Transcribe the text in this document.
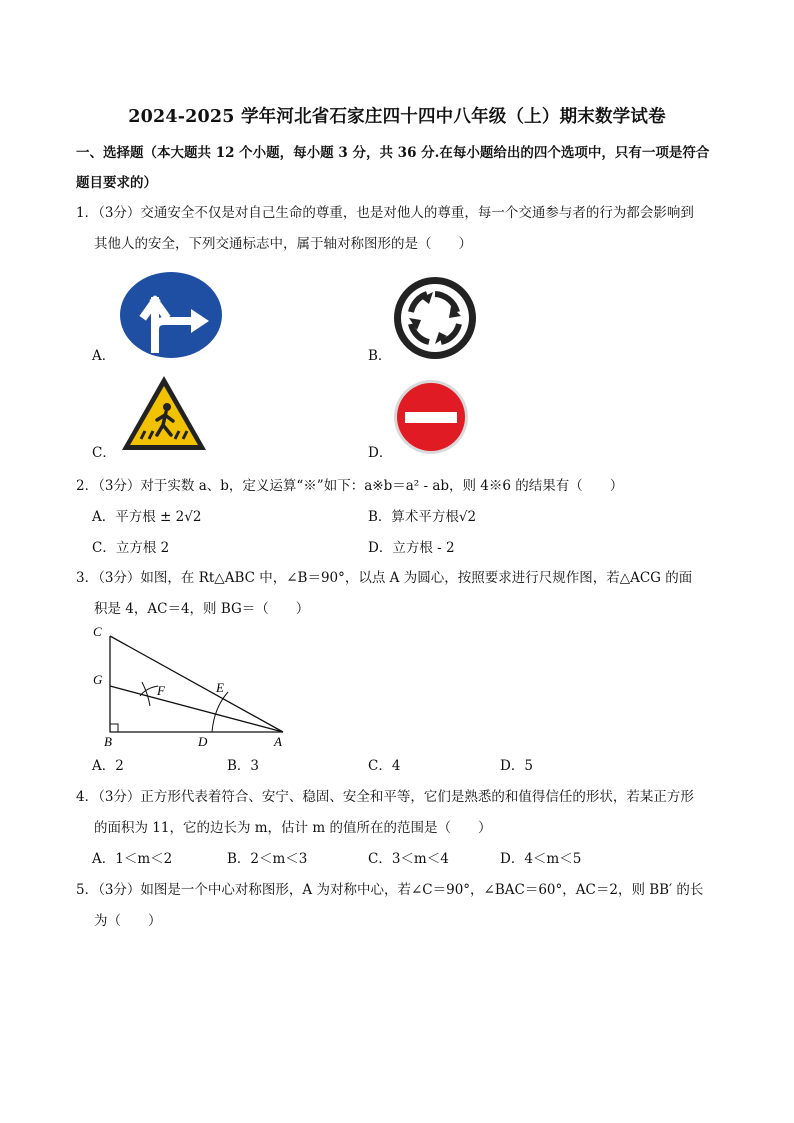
2024-2025 学年河北省石家庄四十四中八年级（上）期末数学试卷
一、选择题（本大题共 12 个小题，每小题 3 分，共 36 分.在每小题给出的四个选项中，只有一项是符合
题目要求的）
1．（3分）交通安全不仅是对自己生命的尊重，也是对他人的尊重，每一个交通参与者的行为都会影响到
其他人的安全，下列交通标志中，属于轴对称图形的是（　　）
A．	B．
C．	D．
2．（3分）对于实数 a、b，定义运算“※”如下：a※b＝a² - ab，则 4※6 的结果有（　　）
A．平方根 ± 2√2	B．算术平方根√2
C．立方根 2	D．立方根 - 2
3．（3分）如图，在 Rt△ABC 中，∠B＝90°，以点 A 为圆心，按照要求进行尺规作图，若△ACG 的面
积是 4，AC＝4，则 BG＝（　　）
C
G
F	E
B	D	A
A．2	B．3	C．4	D．5
4．（3分）正方形代表着符合、安宁、稳固、安全和平等，它们是熟悉的和值得信任的形状，若某正方形
的面积为 11，它的边长为 m，估计 m 的值所在的范围是（　　）
A．1＜m＜2	B．2＜m＜3	C．3＜m＜4	D．4＜m＜5
5．（3分）如图是一个中心对称图形，A 为对称中心，若∠C＝90°，∠BAC＝60°，AC＝2，则 BB′ 的长
为（　　）
